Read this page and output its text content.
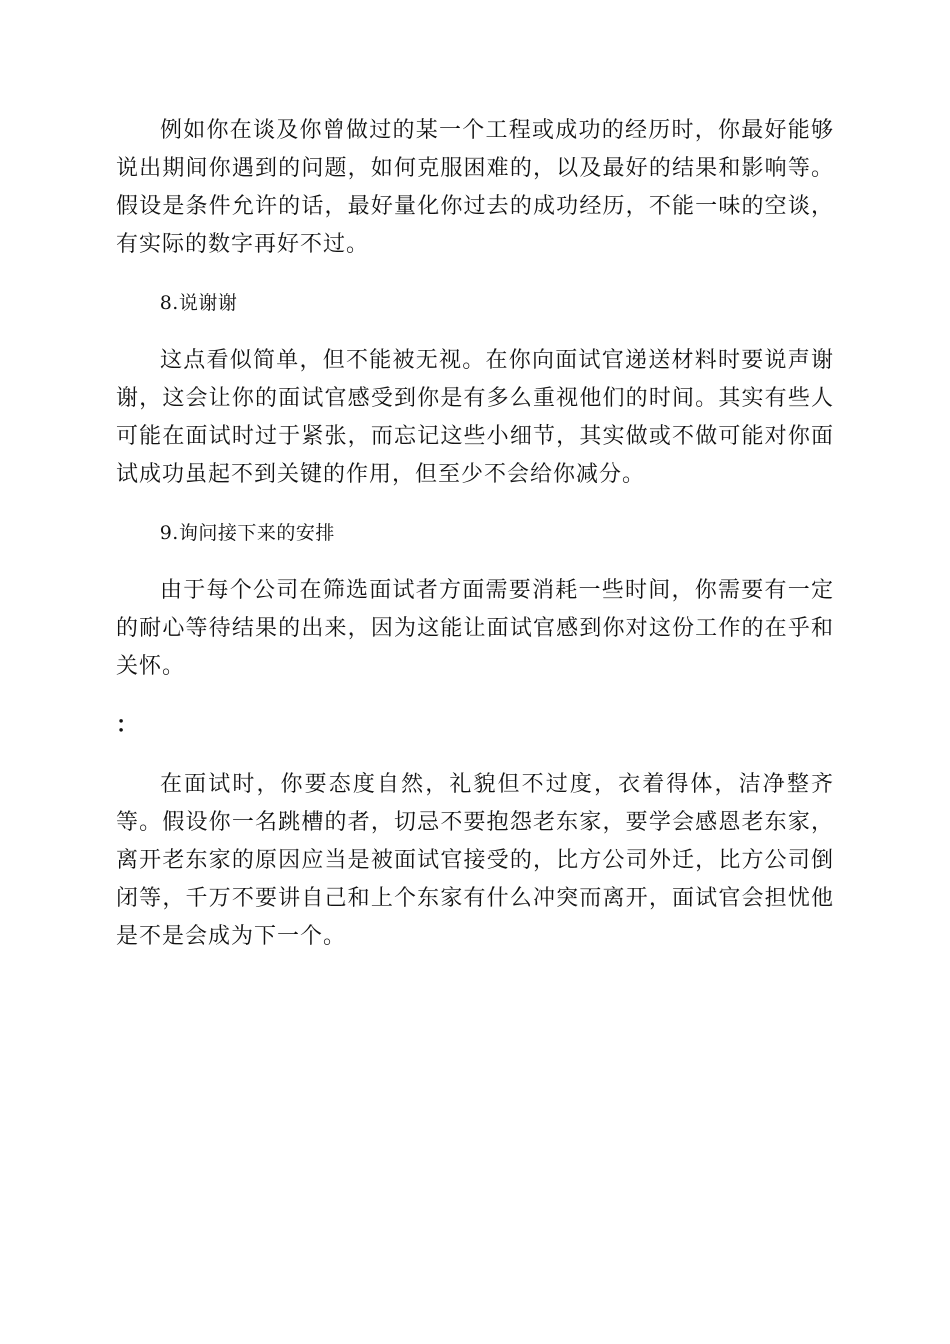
例如你在谈及你曾做过的某一个工程或成功的经历时，你最好能够说出期间你遇到的问题，如何克服困难的，以及最好的结果和影响等。假设是条件允许的话，最好量化你过去的成功经历，不能一味的空谈，有实际的数字再好不过。

8.说谢谢

这点看似简单，但不能被无视。在你向面试官递送材料时要说声谢谢，这会让你的面试官感受到你是有多么重视他们的时间。其实有些人可能在面试时过于紧张，而忘记这些小细节，其实做或不做可能对你面试成功虽起不到关键的作用，但至少不会给你减分。

9.询问接下来的安排

由于每个公司在筛选面试者方面需要消耗一些时间，你需要有一定的耐心等待结果的出来，因为这能让面试官感到你对这份工作的在乎和关怀。

：

在面试时，你要态度自然，礼貌但不过度，衣着得体，洁净整齐等。假设你一名跳槽的者，切忌不要抱怨老东家，要学会感恩老东家，离开老东家的原因应当是被面试官接受的，比方公司外迁，比方公司倒闭等，千万不要讲自己和上个东家有什么冲突而离开，面试官会担忧他是不是会成为下一个。
